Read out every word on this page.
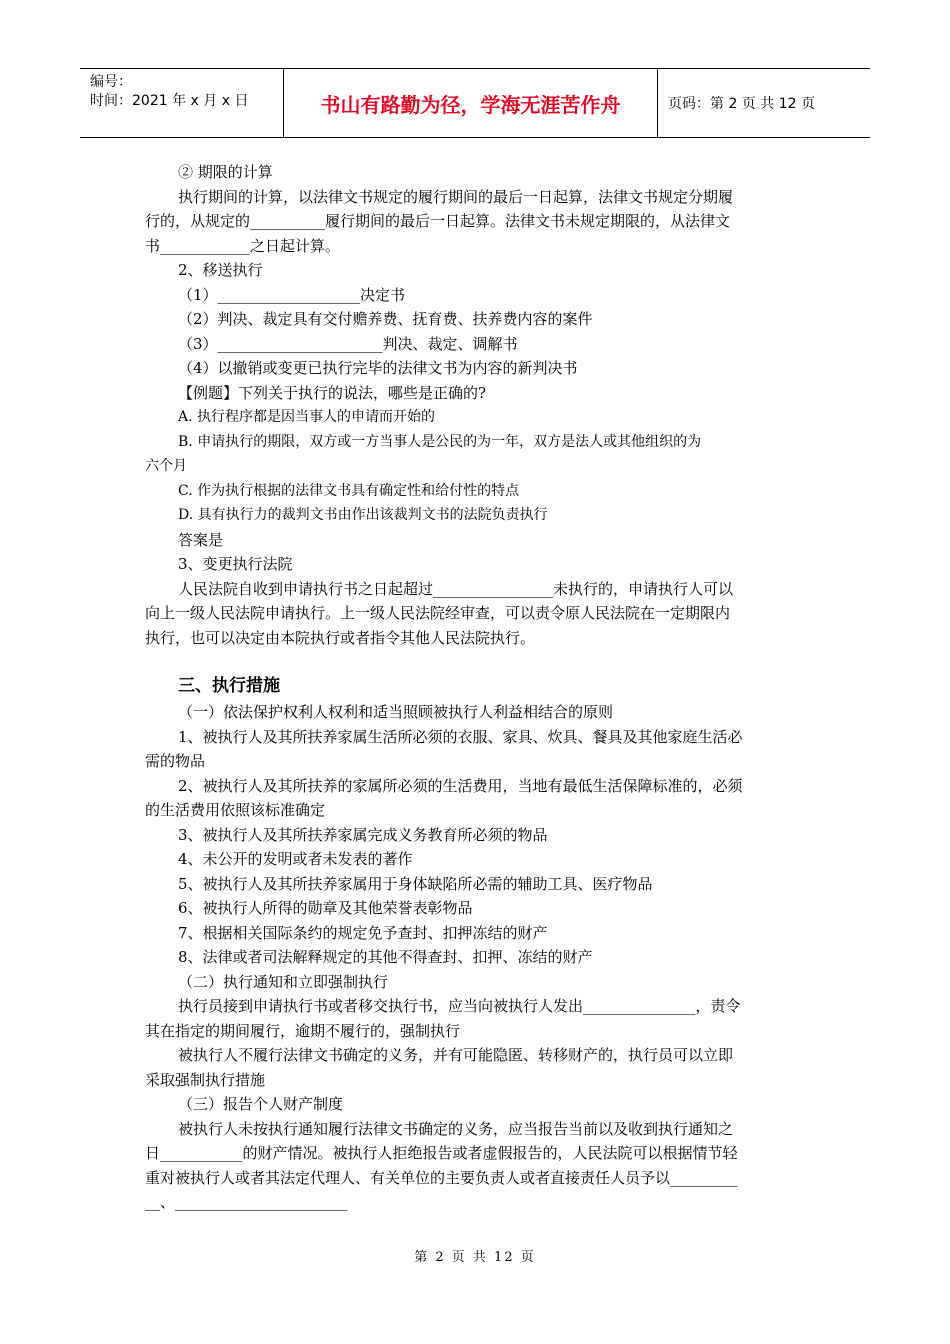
编号：
时间：2021 年 x 月 x 日	书山有路勤为径，学海无涯苦作舟	页码：第 2 页 共 12 页
② 期限的计算
执行期间的计算，以法律文书规定的履行期间的最后一日起算，法律文书规定分期履
行的，从规定的__________履行期间的最后一日起算。法律文书未规定期限的，从法律文
书____________之日起计算。
2、移送执行
（1）___________________决定书
（2）判决、裁定具有交付赡养费、抚育费、扶养费内容的案件
（3）______________________判决、裁定、调解书
（4）以撤销或变更已执行完毕的法律文书为内容的新判决书
【例题】下列关于执行的说法，哪些是正确的?
A. 执行程序都是因当事人的申请而开始的
B. 申请执行的期限，双方或一方当事人是公民的为一年，双方是法人或其他组织的为
六个月
C. 作为执行根据的法律文书具有确定性和给付性的特点
D. 具有执行力的裁判文书由作出该裁判文书的法院负责执行
答案是
3、变更执行法院
人民法院自收到申请执行书之日起超过________________未执行的，申请执行人可以
向上一级人民法院申请执行。上一级人民法院经审查，可以责令原人民法院在一定期限内
执行，也可以决定由本院执行或者指令其他人民法院执行。
三、执行措施
（一）依法保护权利人权利和适当照顾被执行人利益相结合的原则
1、被执行人及其所扶养家属生活所必须的衣服、家具、炊具、餐具及其他家庭生活必
需的物品
2、被执行人及其所扶养的家属所必须的生活费用，当地有最低生活保障标准的，必须
的生活费用依照该标准确定
3、被执行人及其所扶养家属完成义务教育所必须的物品
4、未公开的发明或者未发表的著作
5、被执行人及其所扶养家属用于身体缺陷所必需的辅助工具、医疗物品
6、被执行人所得的勋章及其他荣誉表彰物品
7、根据相关国际条约的规定免予查封、扣押冻结的财产
8、法律或者司法解释规定的其他不得查封、扣押、冻结的财产
（二）执行通知和立即强制执行
执行员接到申请执行书或者移交执行书，应当向被执行人发出_______________，责令
其在指定的期间履行，逾期不履行的，强制执行
被执行人不履行法律文书确定的义务，并有可能隐匿、转移财产的，执行员可以立即
采取强制执行措施
（三）报告个人财产制度
被执行人未按执行通知履行法律文书确定的义务，应当报告当前以及收到执行通知之
日___________的财产情况。被执行人拒绝报告或者虚假报告的，人民法院可以根据情节轻
重对被执行人或者其法定代理人、有关单位的主要负责人或者直接责任人员予以_________
__、_______________________
第 2 页 共 12 页
